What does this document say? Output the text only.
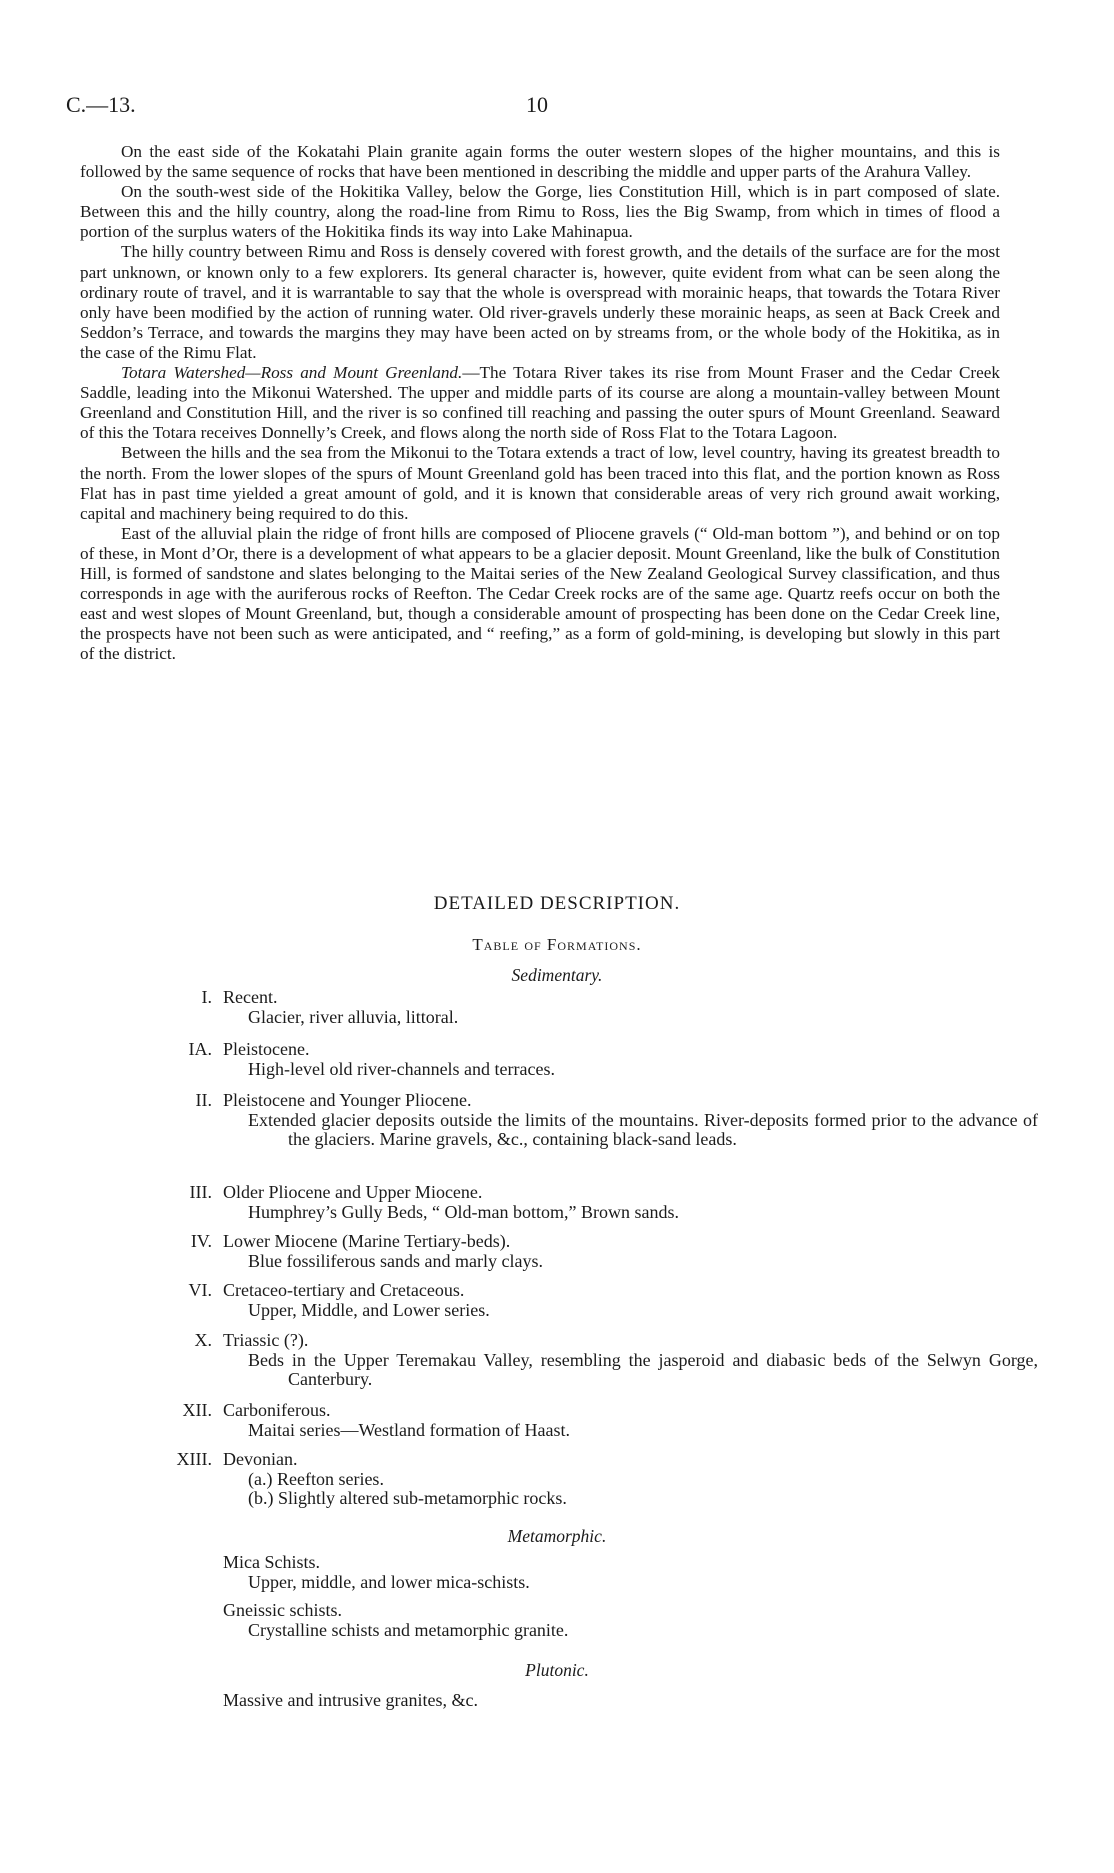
C.—13.	10

On the east side of the Kokatahi Plain granite again forms the outer western slopes of the higher mountains, and this is followed by the same sequence of rocks that have been mentioned in describing the middle and upper parts of the Arahura Valley.

On the south-west side of the Hokitika Valley, below the Gorge, lies Constitution Hill, which is in part composed of slate. Between this and the hilly country, along the road-line from Rimu to Ross, lies the Big Swamp, from which in times of flood a portion of the surplus waters of the Hokitika finds its way into Lake Mahinapua.

The hilly country between Rimu and Ross is densely covered with forest growth, and the details of the surface are for the most part unknown, or known only to a few explorers. Its general character is, however, quite evident from what can be seen along the ordinary route of travel, and it is warrantable to say that the whole is overspread with morainic heaps, that towards the Totara River only have been modified by the action of running water. Old river-gravels underly these morainic heaps, as seen at Back Creek and Seddon’s Terrace, and towards the margins they may have been acted on by streams from, or the whole body of the Hokitika, as in the case of the Rimu Flat.

Totara Watershed—Ross and Mount Greenland.—The Totara River takes its rise from Mount Fraser and the Cedar Creek Saddle, leading into the Mikonui Watershed. The upper and middle parts of its course are along a mountain-valley between Mount Greenland and Constitution Hill, and the river is so confined till reaching and passing the outer spurs of Mount Greenland. Seaward of this the Totara receives Donnelly’s Creek, and flows along the north side of Ross Flat to the Totara Lagoon.

Between the hills and the sea from the Mikonui to the Totara extends a tract of low, level country, having its greatest breadth to the north. From the lower slopes of the spurs of Mount Greenland gold has been traced into this flat, and the portion known as Ross Flat has in past time yielded a great amount of gold, and it is known that considerable areas of very rich ground await working, capital and machinery being required to do this.

East of the alluvial plain the ridge of front hills are composed of Pliocene gravels (“ Old-man bottom ”), and behind or on top of these, in Mont d’Or, there is a development of what appears to be a glacier deposit. Mount Greenland, like the bulk of Constitution Hill, is formed of sandstone and slates belonging to the Maitai series of the New Zealand Geological Survey classification, and thus corresponds in age with the auriferous rocks of Reefton. The Cedar Creek rocks are of the same age. Quartz reefs occur on both the east and west slopes of Mount Greenland, but, though a considerable amount of prospecting has been done on the Cedar Creek line, the prospects have not been such as were anticipated, and “ reefing,” as a form of gold-mining, is developing but slowly in this part of the district.

DETAILED DESCRIPTION.
Table of Formations.
Sedimentary.
I. Recent.
Glacier, river alluvia, littoral.
IA. Pleistocene.
High-level old river-channels and terraces.
II. Pleistocene and Younger Pliocene.
Extended glacier deposits outside the limits of the mountains. River-deposits formed prior to the advance of the glaciers. Marine gravels, &c., containing black-sand leads.
III. Older Pliocene and Upper Miocene.
Humphrey’s Gully Beds, “ Old-man bottom,” Brown sands.
IV. Lower Miocene (Marine Tertiary-beds).
Blue fossiliferous sands and marly clays.
VI. Cretaceo-tertiary and Cretaceous.
Upper, Middle, and Lower series.
X. Triassic (?).
Beds in the Upper Teremakau Valley, resembling the jasperoid and diabasic beds of the Selwyn Gorge, Canterbury.
XII. Carboniferous.
Maitai series—Westland formation of Haast.
XIII. Devonian.
(a.) Reefton series.
(b.) Slightly altered sub-metamorphic rocks.
Metamorphic.
Mica Schists.
Upper, middle, and lower mica-schists.
Gneissic schists.
Crystalline schists and metamorphic granite.
Plutonic.
Massive and intrusive granites, &c.
